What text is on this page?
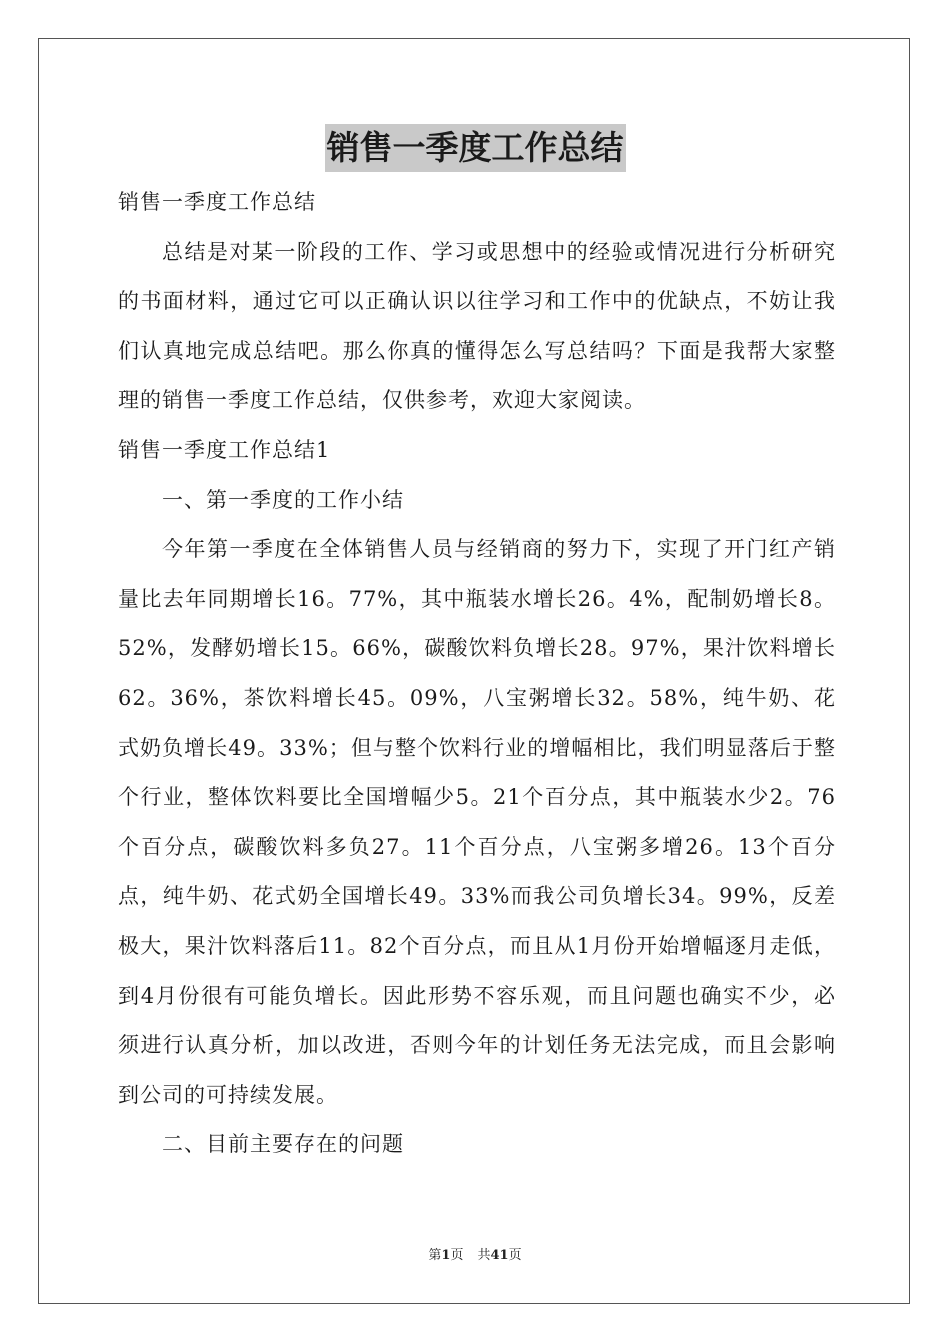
销售一季度工作总结

销售一季度工作总结

总结是对某一阶段的工作、学习或思想中的经验或情况进行分析研究的书面材料，通过它可以正确认识以往学习和工作中的优缺点，不妨让我们认真地完成总结吧。那么你真的懂得怎么写总结吗？下面是我帮大家整理的销售一季度工作总结，仅供参考，欢迎大家阅读。

销售一季度工作总结1

一、第一季度的工作小结

今年第一季度在全体销售人员与经销商的努力下，实现了开门红产销量比去年同期增长16。77%，其中瓶装水增长26。4%，配制奶增长8。52%，发酵奶增长15。66%，碳酸饮料负增长28。97%，果汁饮料增长62。36%，茶饮料增长45。09%，八宝粥增长32。58%，纯牛奶、花式奶负增长49。33%；但与整个饮料行业的增幅相比，我们明显落后于整个行业，整体饮料要比全国增幅少5。21个百分点，其中瓶装水少2。76个百分点，碳酸饮料多负27。11个百分点，八宝粥多增26。13个百分点，纯牛奶、花式奶全国增长49。33%而我公司负增长34。99%，反差极大，果汁饮料落后11。82个百分点，而且从1月份开始增幅逐月走低，到4月份很有可能负增长。因此形势不容乐观，而且问题也确实不少，必须进行认真分析，加以改进，否则今年的计划任务无法完成，而且会影响到公司的可持续发展。

二、目前主要存在的问题

第1页 共41页
